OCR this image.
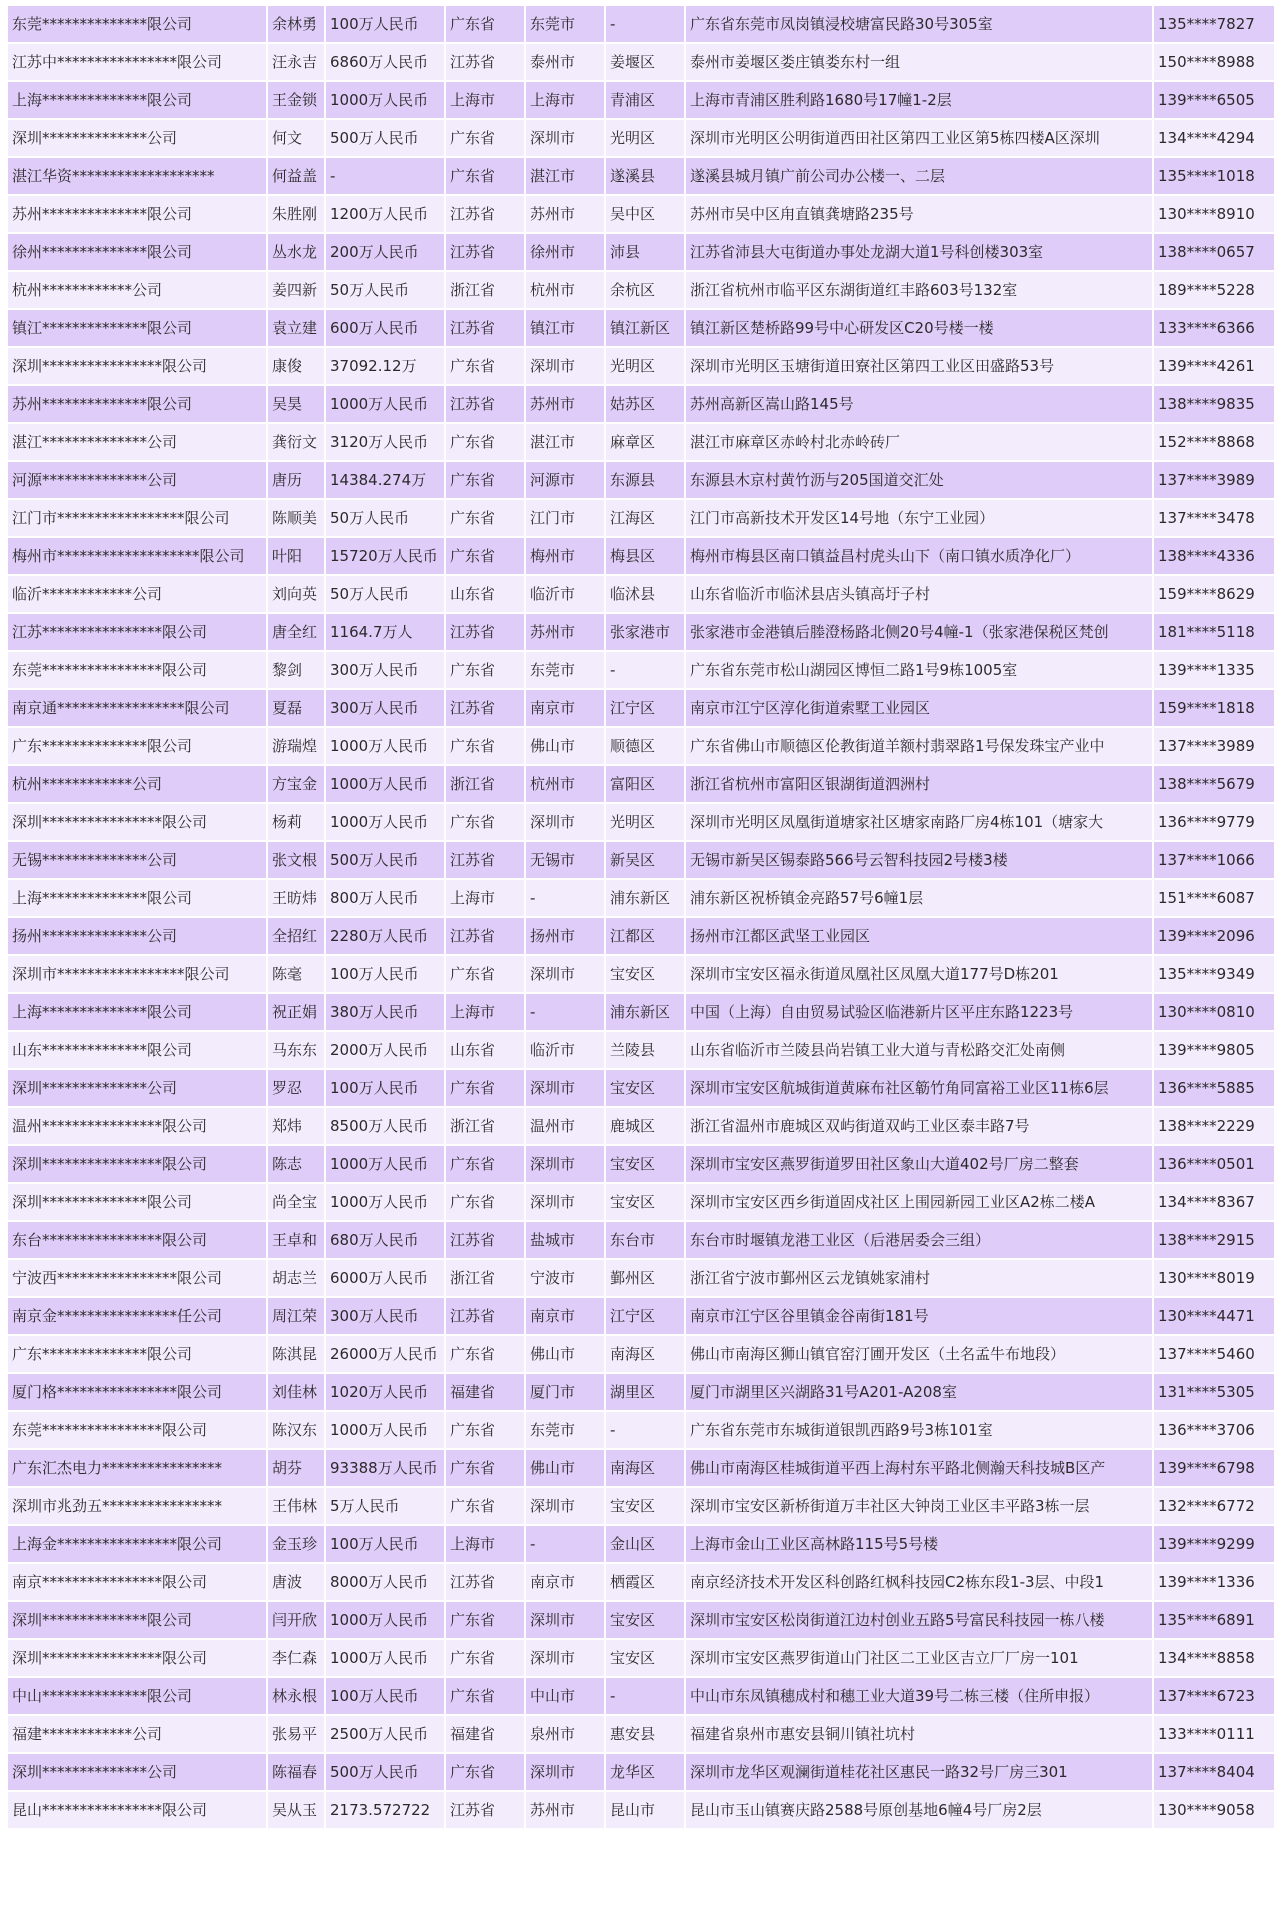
东莞**************限公司	余林勇	100万人民币	广东省	东莞市	-	广东省东莞市凤岗镇浸校塘富民路30号305室	135****7827
江苏中****************限公司	汪永吉	6860万人民币	江苏省	泰州市	姜堰区	泰州市姜堰区娄庄镇娄东村一组	150****8988
上海**************限公司	王金锁	1000万人民币	上海市	上海市	青浦区	上海市青浦区胜利路1680号17幢1-2层	139****6505
深圳**************公司	何文	500万人民币	广东省	深圳市	光明区	深圳市光明区公明街道西田社区第四工业区第5栋四楼A区深圳	134****4294
湛江华资*******************	何益盖	-	广东省	湛江市	遂溪县	遂溪县城月镇广前公司办公楼一、二层	135****1018
苏州**************限公司	朱胜刚	1200万人民币	江苏省	苏州市	吴中区	苏州市吴中区甪直镇龚塘路235号	130****8910
徐州**************限公司	丛水龙	200万人民币	江苏省	徐州市	沛县	江苏省沛县大屯街道办事处龙湖大道1号科创楼303室	138****0657
杭州************公司	姜四新	50万人民币	浙江省	杭州市	余杭区	浙江省杭州市临平区东湖街道红丰路603号132室	189****5228
镇江**************限公司	袁立建	600万人民币	江苏省	镇江市	镇江新区	镇江新区楚桥路99号中心研发区C20号楼一楼	133****6366
深圳****************限公司	康俊	37092.12万	广东省	深圳市	光明区	深圳市光明区玉塘街道田寮社区第四工业区田盛路53号	139****4261
苏州**************限公司	吴昊	1000万人民币	江苏省	苏州市	姑苏区	苏州高新区嵩山路145号	138****9835
湛江**************公司	龚衍文	3120万人民币	广东省	湛江市	麻章区	湛江市麻章区赤岭村北赤岭砖厂	152****8868
河源**************公司	唐历	14384.274万	广东省	河源市	东源县	东源县木京村黄竹沥与205国道交汇处	137****3989
江门市*****************限公司	陈顺美	50万人民币	广东省	江门市	江海区	江门市高新技术开发区14号地（东宁工业园）	137****3478
梅州市*******************限公司	叶阳	15720万人民币	广东省	梅州市	梅县区	梅州市梅县区南口镇益昌村虎头山下（南口镇水质净化厂）	138****4336
临沂************公司	刘向英	50万人民币	山东省	临沂市	临沭县	山东省临沂市临沭县店头镇高圩子村	159****8629
江苏****************限公司	唐全红	1164.7万人	江苏省	苏州市	张家港市	张家港市金港镇后塍澄杨路北侧20号4幢-1（张家港保税区梵创	181****5118
东莞****************限公司	黎剑	300万人民币	广东省	东莞市	-	广东省东莞市松山湖园区博恒二路1号9栋1005室	139****1335
南京通*****************限公司	夏磊	300万人民币	江苏省	南京市	江宁区	南京市江宁区淳化街道索墅工业园区	159****1818
广东**************限公司	游瑞煌	1000万人民币	广东省	佛山市	顺德区	广东省佛山市顺德区伦教街道羊额村翡翠路1号保发珠宝产业中	137****3989
杭州************公司	方宝金	1000万人民币	浙江省	杭州市	富阳区	浙江省杭州市富阳区银湖街道泗洲村	138****5679
深圳****************限公司	杨莉	1000万人民币	广东省	深圳市	光明区	深圳市光明区凤凰街道塘家社区塘家南路厂房4栋101（塘家大	136****9779
无锡**************公司	张文根	500万人民币	江苏省	无锡市	新吴区	无锡市新吴区锡泰路566号云智科技园2号楼3楼	137****1066
上海**************限公司	王昉炜	800万人民币	上海市	-	浦东新区	浦东新区祝桥镇金亮路57号6幢1层	151****6087
扬州**************公司	全招红	2280万人民币	江苏省	扬州市	江都区	扬州市江都区武坚工业园区	139****2096
深圳市*****************限公司	陈毫	100万人民币	广东省	深圳市	宝安区	深圳市宝安区福永街道凤凰社区凤凰大道177号D栋201	135****9349
上海**************限公司	祝正娟	380万人民币	上海市	-	浦东新区	中国（上海）自由贸易试验区临港新片区平庄东路1223号	130****0810
山东**************限公司	马东东	2000万人民币	山东省	临沂市	兰陵县	山东省临沂市兰陵县尚岩镇工业大道与青松路交汇处南侧	139****9805
深圳**************公司	罗忍	100万人民币	广东省	深圳市	宝安区	深圳市宝安区航城街道黄麻布社区簕竹角同富裕工业区11栋6层	136****5885
温州****************限公司	郑炜	8500万人民币	浙江省	温州市	鹿城区	浙江省温州市鹿城区双屿街道双屿工业区泰丰路7号	138****2229
深圳****************限公司	陈志	1000万人民币	广东省	深圳市	宝安区	深圳市宝安区燕罗街道罗田社区象山大道402号厂房二整套	136****0501
深圳**************限公司	尚全宝	1000万人民币	广东省	深圳市	宝安区	深圳市宝安区西乡街道固戍社区上围园新园工业区A2栋二楼A	134****8367
东台****************限公司	王卓和	680万人民币	江苏省	盐城市	东台市	东台市时堰镇龙港工业区（后港居委会三组）	138****2915
宁波西****************限公司	胡志兰	6000万人民币	浙江省	宁波市	鄞州区	浙江省宁波市鄞州区云龙镇姚家浦村	130****8019
南京金****************任公司	周江荣	300万人民币	江苏省	南京市	江宁区	南京市江宁区谷里镇金谷南街181号	130****4471
广东**************限公司	陈淇昆	26000万人民币	广东省	佛山市	南海区	佛山市南海区狮山镇官窑汀圃开发区（土名孟牛布地段）	137****5460
厦门格****************限公司	刘佳林	1020万人民币	福建省	厦门市	湖里区	厦门市湖里区兴湖路31号A201-A208室	131****5305
东莞****************限公司	陈汉东	1000万人民币	广东省	东莞市	-	广东省东莞市东城街道银凯西路9号3栋101室	136****3706
广东汇杰电力****************	胡芬	93388万人民币	广东省	佛山市	南海区	佛山市南海区桂城街道平西上海村东平路北侧瀚天科技城B区产	139****6798
深圳市兆劲五****************	王伟林	5万人民币	广东省	深圳市	宝安区	深圳市宝安区新桥街道万丰社区大钟岗工业区丰平路3栋一层	132****6772
上海金****************限公司	金玉珍	100万人民币	上海市	-	金山区	上海市金山工业区高林路115号5号楼	139****9299
南京****************限公司	唐波	8000万人民币	江苏省	南京市	栖霞区	南京经济技术开发区科创路红枫科技园C2栋东段1-3层、中段1	139****1336
深圳**************限公司	闫开欣	1000万人民币	广东省	深圳市	宝安区	深圳市宝安区松岗街道江边村创业五路5号富民科技园一栋八楼	135****6891
深圳****************限公司	李仁森	1000万人民币	广东省	深圳市	宝安区	深圳市宝安区燕罗街道山门社区二工业区吉立厂厂房一101	134****8858
中山**************限公司	林永根	100万人民币	广东省	中山市	-	中山市东凤镇穗成村和穗工业大道39号二栋三楼（住所申报）	137****6723
福建************公司	张易平	2500万人民币	福建省	泉州市	惠安县	福建省泉州市惠安县铜川镇社坑村	133****0111
深圳**************公司	陈福春	500万人民币	广东省	深圳市	龙华区	深圳市龙华区观澜街道桂花社区惠民一路32号厂房三301	137****8404
昆山****************限公司	吴从玉	2173.572722	江苏省	苏州市	昆山市	昆山市玉山镇赛庆路2588号原创基地6幢4号厂房2层	130****9058
